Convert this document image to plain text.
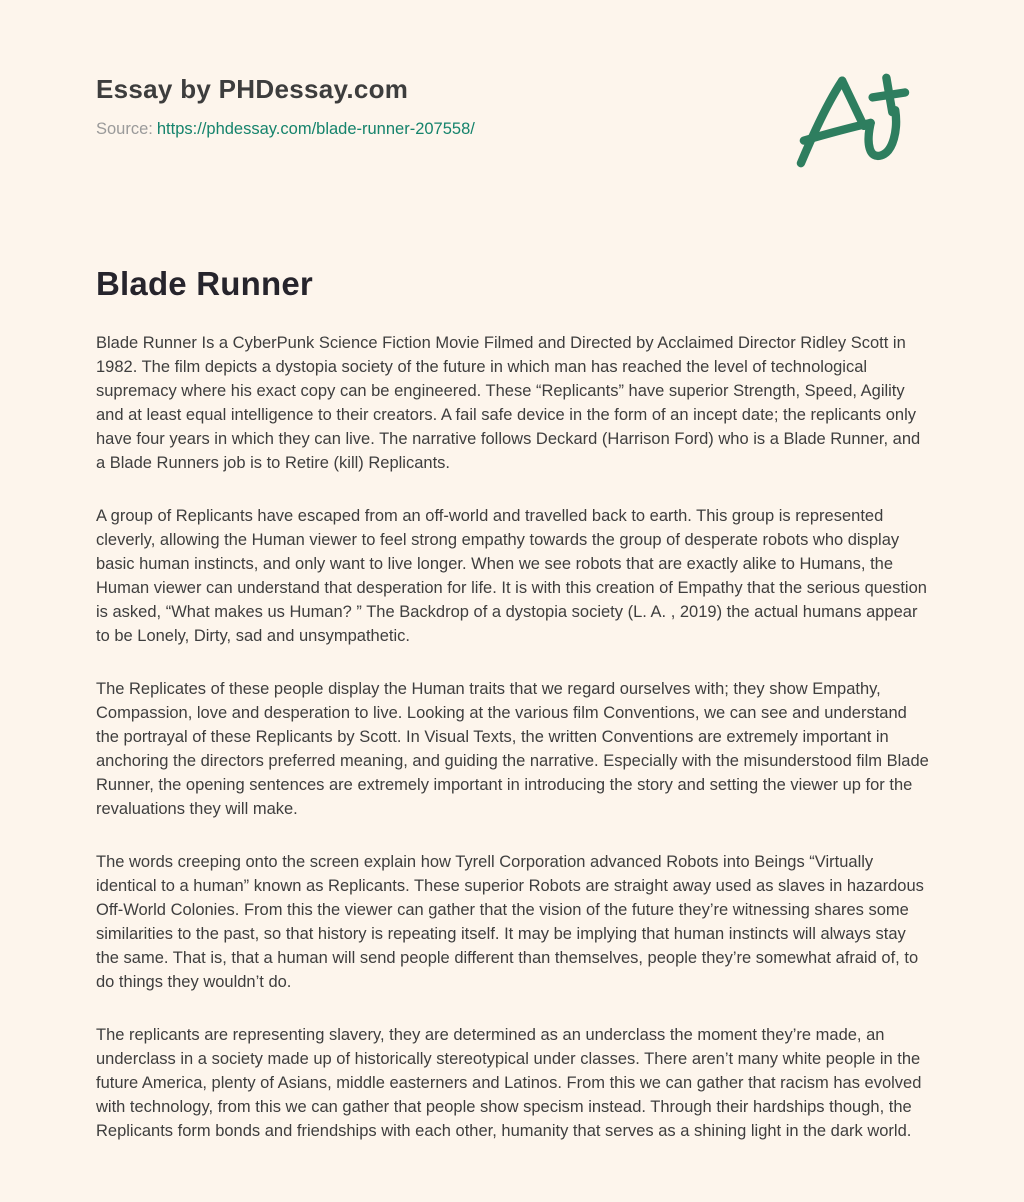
Essay by PHDessay.com
Source: https://phdessay.com/blade-runner-207558/
Blade Runner

Blade Runner Is a CyberPunk Science Fiction Movie Filmed and Directed by Acclaimed Director Ridley Scott in 1982. The film depicts a dystopia society of the future in which man has reached the level of technological supremacy where his exact copy can be engineered. These “Replicants” have superior Strength, Speed, Agility and at least equal intelligence to their creators. A fail safe device in the form of an incept date; the replicants only have four years in which they can live. The narrative follows Deckard (Harrison Ford) who is a Blade Runner, and a Blade Runners job is to Retire (kill) Replicants.

A group of Replicants have escaped from an off-world and travelled back to earth. This group is represented cleverly, allowing the Human viewer to feel strong empathy towards the group of desperate robots who display basic human instincts, and only want to live longer. When we see robots that are exactly alike to Humans, the Human viewer can understand that desperation for life. It is with this creation of Empathy that the serious question is asked, “What makes us Human? ” The Backdrop of a dystopia society (L. A. , 2019) the actual humans appear to be Lonely, Dirty, sad and unsympathetic.

The Replicates of these people display the Human traits that we regard ourselves with; they show Empathy, Compassion, love and desperation to live. Looking at the various film Conventions, we can see and understand the portrayal of these Replicants by Scott. In Visual Texts, the written Conventions are extremely important in anchoring the directors preferred meaning, and guiding the narrative. Especially with the misunderstood film Blade Runner, the opening sentences are extremely important in introducing the story and setting the viewer up for the revaluations they will make.

The words creeping onto the screen explain how Tyrell Corporation advanced Robots into Beings “Virtually identical to a human” known as Replicants. These superior Robots are straight away used as slaves in hazardous Off-World Colonies. From this the viewer can gather that the vision of the future they’re witnessing shares some similarities to the past, so that history is repeating itself. It may be implying that human instincts will always stay the same. That is, that a human will send people different than themselves, people they’re somewhat afraid of, to do things they wouldn’t do.

The replicants are representing slavery, they are determined as an underclass the moment they’re made, an underclass in a society made up of historically stereotypical under classes. There aren’t many white people in the future America, plenty of Asians, middle easterners and Latinos. From this we can gather that racism has evolved with technology, from this we can gather that people show specism instead. Through their hardships though, the Replicants form bonds and friendships with each other, humanity that serves as a shining light in the dark world.
